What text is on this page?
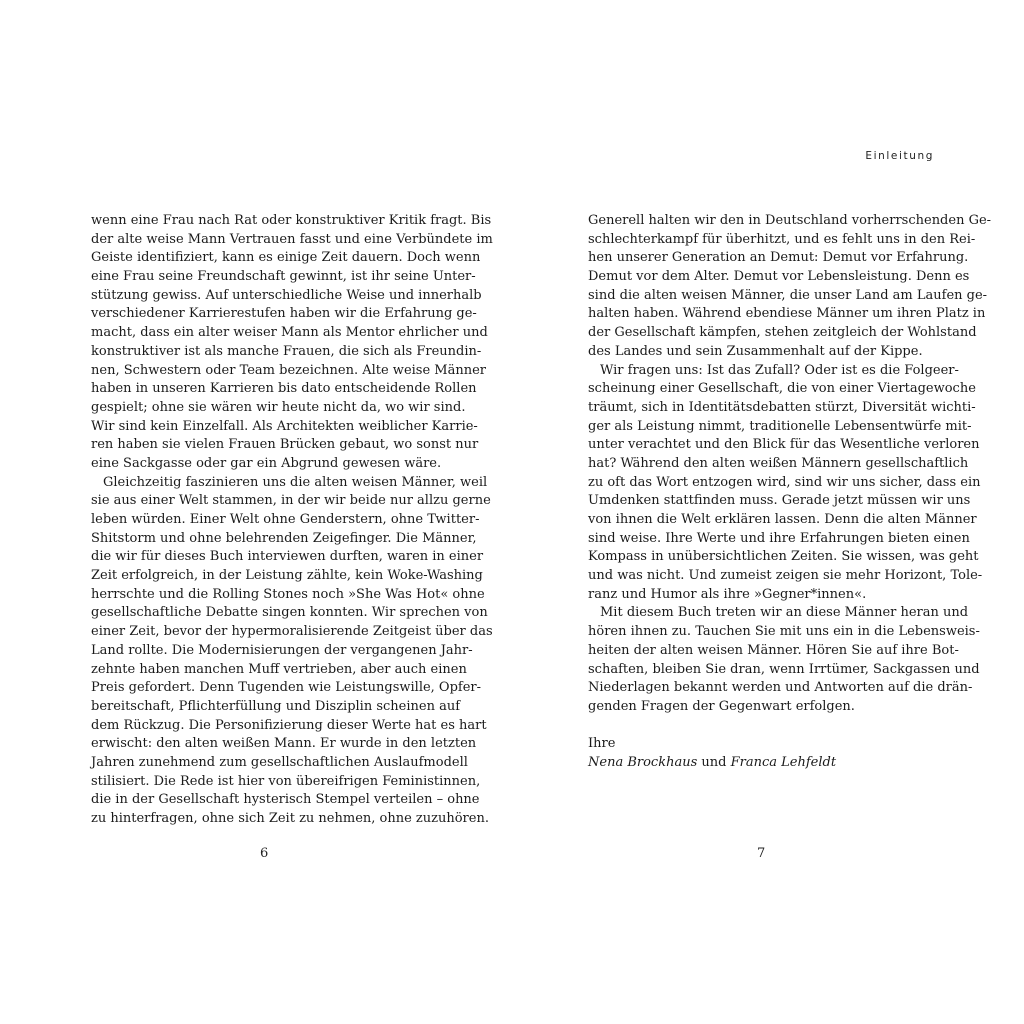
Einleitung
wenn eine Frau nach Rat oder konstruktiver Kritik fragt. Bis
der alte weise Mann Vertrauen fasst und eine Verbündete im
Geiste identifiziert, kann es einige Zeit dauern. Doch wenn
eine Frau seine Freundschaft gewinnt, ist ihr seine Unter-
stützung gewiss. Auf unterschiedliche Weise und innerhalb
verschiedener Karrierestufen haben wir die Erfahrung ge-
macht, dass ein alter weiser Mann als Mentor ehrlicher und
konstruktiver ist als manche Frauen, die sich als Freundin-
nen, Schwestern oder Team bezeichnen. Alte weise Männer
haben in unseren Karrieren bis dato entscheidende Rollen
gespielt; ohne sie wären wir heute nicht da, wo wir sind.
Wir sind kein Einzelfall. Als Architekten weiblicher Karrie-
ren haben sie vielen Frauen Brücken gebaut, wo sonst nur
eine Sackgasse oder gar ein Abgrund gewesen wäre.
Gleichzeitig faszinieren uns die alten weisen Männer, weil
sie aus einer Welt stammen, in der wir beide nur allzu gerne
leben würden. Einer Welt ohne Genderstern, ohne Twitter-
Shitstorm und ohne belehrenden Zeigefinger. Die Männer,
die wir für dieses Buch interviewen durften, waren in einer
Zeit erfolgreich, in der Leistung zählte, kein Woke-Washing
herrschte und die Rolling Stones noch »She Was Hot« ohne
gesellschaftliche Debatte singen konnten. Wir sprechen von
einer Zeit, bevor der hypermoralisierende Zeitgeist über das
Land rollte. Die Modernisierungen der vergangenen Jahr-
zehnte haben manchen Muff vertrieben, aber auch einen
Preis gefordert. Denn Tugenden wie Leistungswille, Opfer-
bereitschaft, Pflichterfüllung und Disziplin scheinen auf
dem Rückzug. Die Personifizierung dieser Werte hat es hart
erwischt: den alten weißen Mann. Er wurde in den letzten
Jahren zunehmend zum gesellschaftlichen Auslaufmodell
stilisiert. Die Rede ist hier von übereifrigen Feministinnen,
die in der Gesellschaft hysterisch Stempel verteilen – ohne
zu hinterfragen, ohne sich Zeit zu nehmen, ohne zuzuhören.
6
Generell halten wir den in Deutschland vorherrschenden Ge-
schlechterkampf für überhitzt, und es fehlt uns in den Rei-
hen unserer Generation an Demut: Demut vor Erfahrung.
Demut vor dem Alter. Demut vor Lebensleistung. Denn es
sind die alten weisen Männer, die unser Land am Laufen ge-
halten haben. Während ebendiese Männer um ihren Platz in
der Gesellschaft kämpfen, stehen zeitgleich der Wohlstand
des Landes und sein Zusammenhalt auf der Kippe.
Wir fragen uns: Ist das Zufall? Oder ist es die Folgeer-
scheinung einer Gesellschaft, die von einer Viertagewoche
träumt, sich in Identitätsdebatten stürzt, Diversität wichti-
ger als Leistung nimmt, traditionelle Lebensentwürfe mit-
unter verachtet und den Blick für das Wesentliche verloren
hat? Während den alten weißen Männern gesellschaftlich
zu oft das Wort entzogen wird, sind wir uns sicher, dass ein
Umdenken stattfinden muss. Gerade jetzt müssen wir uns
von ihnen die Welt erklären lassen. Denn die alten Männer
sind weise. Ihre Werte und ihre Erfahrungen bieten einen
Kompass in unübersichtlichen Zeiten. Sie wissen, was geht
und was nicht. Und zumeist zeigen sie mehr Horizont, Tole-
ranz und Humor als ihre »Gegner*innen«.
Mit diesem Buch treten wir an diese Männer heran und
hören ihnen zu. Tauchen Sie mit uns ein in die Lebensweis-
heiten der alten weisen Männer. Hören Sie auf ihre Bot-
schaften, bleiben Sie dran, wenn Irrtümer, Sackgassen und
Niederlagen bekannt werden und Antworten auf die drän-
genden Fragen der Gegenwart erfolgen.
Ihre
Nena Brockhaus und Franca Lehfeldt
7
